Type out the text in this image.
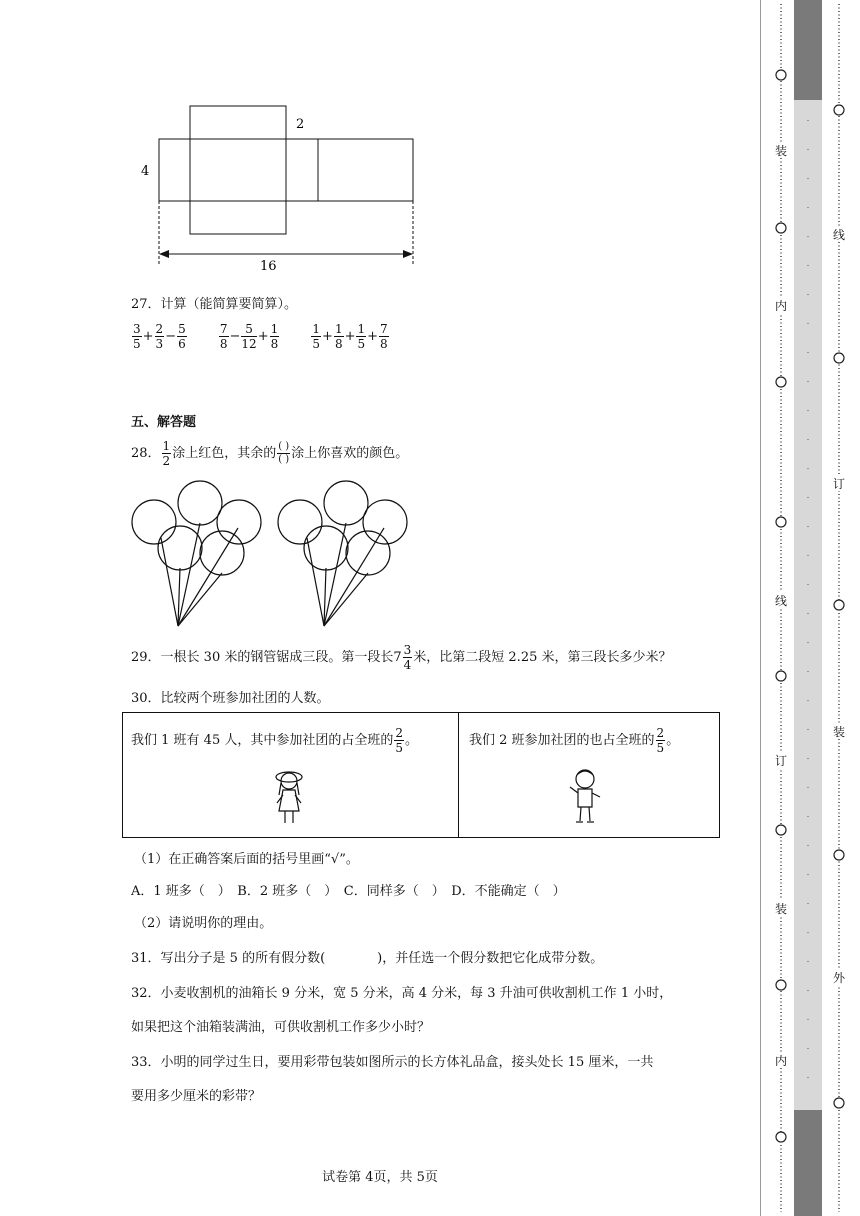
4
2
16
27．计算（能简算要简算）。
$\frac{3}{5} + \frac{2}{3} - \frac{5}{6}$
	$\frac{7}{8} - \frac{5}{12} + \frac{1}{8}$
	$\frac{1}{5} + \frac{1}{8} + \frac{1}{5} + \frac{7}{8}$
五、解答题
28． $\frac{1}{2}$ 涂上红色，其余的 $\frac{( )}{( )}$ 涂上你喜欢的颜色。
29．一根长 30 米的钢管锯成三段。第一段长$7 \frac{3}{4}$ 米，比第二段短 2.25 米，第三段长多少米？
30．比较两个班参加社团的人数。
我们 1 班有 45 人，其中参加社团的占全班的 $\frac{2}{5}$ 。	我们 2 班参加社团的也占全班的 $\frac{2}{5}$ 。
（1）在正确答案后面的括号里画“√”。
A．1 班多（　）　B．2 班多（　）　C．同样多（　）　D．不能确定（　）
（2）请说明你的理由。
31．写出分子是 5 的所有假分数(　　　　)，并任选一个假分数把它化成带分数。
32．小麦收割机的油箱长 9 分米，宽 5 分米，高 4 分米，每 3 升油可供收割机工作 1 小时，
如果把这个油箱装满油，可供收割机工作多少小时？
33．小明的同学过生日，要用彩带包装如图所示的长方体礼品盒，接头处长 15 厘米，一共
要用多少厘米的彩带？
试卷第 4页，共 5页
装
内
线
订
装
内
线
订
装
外
